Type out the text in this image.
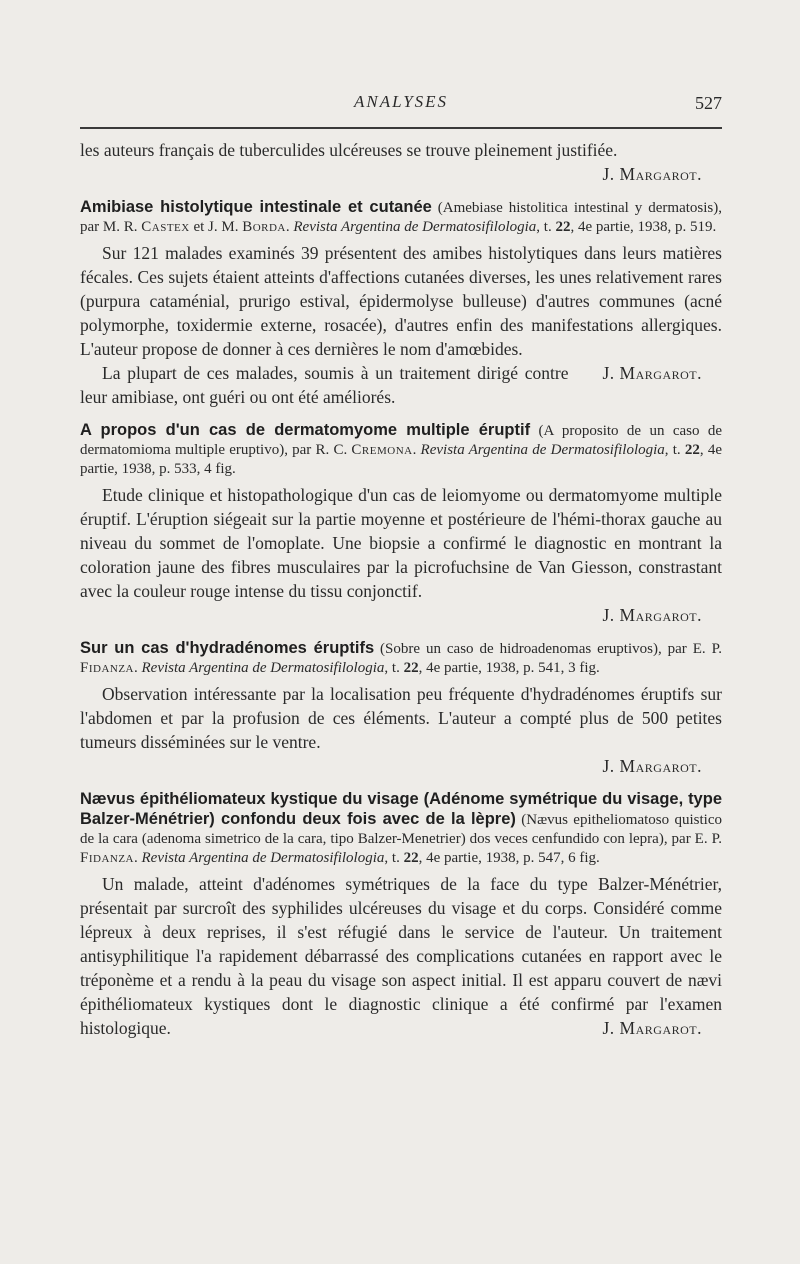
ANALYSES	527

les auteurs français de tuberculides ulcéreuses se trouve pleinement justifiée.

J. Margarot.

Amibiase histolytique intestinale et cutanée (Amebiase histolitica intestinal y dermatosis), par M. R. Castex et J. M. Borda. Revista Argentina de Dermatosifilologia, t. 22, 4e partie, 1938, p. 519.

Sur 121 malades examinés 39 présentent des amibes histolytiques dans leurs matières fécales. Ces sujets étaient atteints d'affections cutanées diverses, les unes relativement rares (purpura cataménial, prurigo estival, épidermolyse bulleuse) d'autres communes (acné polymorphe, toxidermie externe, rosacée), d'autres enfin des manifestations allergiques. L'auteur propose de donner à ces dernières le nom d'amœbides.

J. Margarot.
La plupart de ces malades, soumis à un traitement dirigé contre leur amibiase, ont guéri ou ont été améliorés.

A propos d'un cas de dermatomyome multiple éruptif (A proposito de un caso de dermatomioma multiple eruptivo), par R. C. Cremona. Revista Argentina de Dermatosifilologia, t. 22, 4e partie, 1938, p. 533, 4 fig.

Etude clinique et histopathologique d'un cas de leiomyome ou dermatomyome multiple éruptif. L'éruption siégeait sur la partie moyenne et postérieure de l'hémi-thorax gauche au niveau du sommet de l'omoplate. Une biopsie a confirmé le diagnostic en montrant la coloration jaune des fibres musculaires par la picrofuchsine de Van Giesson, constrastant avec la couleur rouge intense du tissu conjonctif.

J. Margarot.

Sur un cas d'hydradénomes éruptifs (Sobre un caso de hidroadenomas eruptivos), par E. P. Fidanza. Revista Argentina de Dermatosifilologia, t. 22, 4e partie, 1938, p. 541, 3 fig.

Observation intéressante par la localisation peu fréquente d'hydradénomes éruptifs sur l'abdomen et par la profusion de ces éléments. L'auteur a compté plus de 500 petites tumeurs disséminées sur le ventre.

J. Margarot.

Nævus épithéliomateux kystique du visage (Adénome symétrique du visage, type Balzer-Ménétrier) confondu deux fois avec de la lèpre) (Nævus epitheliomatoso quistico de la cara (adenoma simetrico de la cara, tipo Balzer-Menetrier) dos veces cenfundido con lepra), par E. P. Fidanza. Revista Argentina de Dermatosifilologia, t. 22, 4e partie, 1938, p. 547, 6 fig.

Un malade, atteint d'adénomes symétriques de la face du type Balzer-Ménétrier, présentait par surcroît des syphilides ulcéreuses du visage et du corps. Considéré comme lépreux à deux reprises, il s'est réfugié dans le service de l'auteur. Un traitement antisyphilitique l'a rapidement débarrassé des complications cutanées en rapport avec le tréponème et a rendu à la peau du visage son aspect initial. Il est apparu couvert de nævi épithéliomateux kystiques dont le diagnostic clinique a été confirmé par l'examen histologique.	J. Margarot.
